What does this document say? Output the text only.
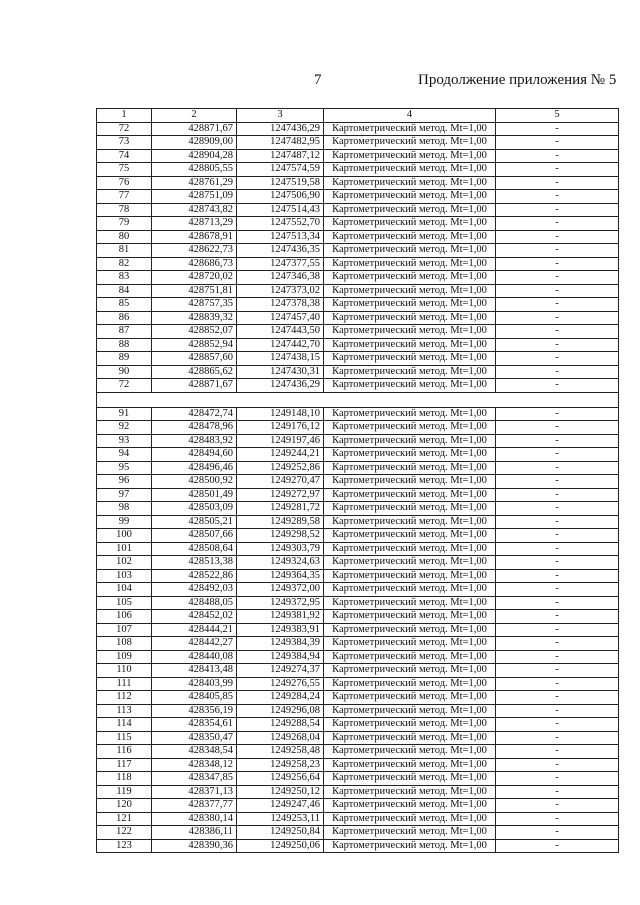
7	Продолжение приложения № 5
1	2	3	4	5
72	428871,67	1247436,29	Картометрический метод. Mt=1,00	-
73	428909,00	1247482,95	Картометрический метод. Mt=1,00	-
74	428904,28	1247487,12	Картометрический метод. Mt=1,00	-
75	428805,55	1247574,59	Картометрический метод. Mt=1,00	-
76	428761,29	1247519,58	Картометрический метод. Mt=1,00	-
77	428751,09	1247506,90	Картометрический метод. Mt=1,00	-
78	428743,82	1247514,43	Картометрический метод. Mt=1,00	-
79	428713,29	1247552,70	Картометрический метод. Mt=1,00	-
80	428678,91	1247513,34	Картометрический метод. Mt=1,00	-
81	428622,73	1247436,35	Картометрический метод. Mt=1,00	-
82	428686,73	1247377,55	Картометрический метод. Mt=1,00	-
83	428720,02	1247346,38	Картометрический метод. Mt=1,00	-
84	428751,81	1247373,02	Картометрический метод. Mt=1,00	-
85	428757,35	1247378,38	Картометрический метод. Mt=1,00	-
86	428839,32	1247457,40	Картометрический метод. Mt=1,00	-
87	428852,07	1247443,50	Картометрический метод. Mt=1,00	-
88	428852,94	1247442,70	Картометрический метод. Mt=1,00	-
89	428857,60	1247438,15	Картометрический метод. Mt=1,00	-
90	428865,62	1247430,31	Картометрический метод. Mt=1,00	-
72	428871,67	1247436,29	Картометрический метод. Mt=1,00	-

91	428472,74	1249148,10	Картометрический метод. Mt=1,00	-
92	428478,96	1249176,12	Картометрический метод. Mt=1,00	-
93	428483,92	1249197,46	Картометрический метод. Mt=1,00	-
94	428494,60	1249244,21	Картометрический метод. Mt=1,00	-
95	428496,46	1249252,86	Картометрический метод. Mt=1,00	-
96	428500,92	1249270,47	Картометрический метод. Mt=1,00	-
97	428501,49	1249272,97	Картометрический метод. Mt=1,00	-
98	428503,09	1249281,72	Картометрический метод. Mt=1,00	-
99	428505,21	1249289,58	Картометрический метод. Mt=1,00	-
100	428507,66	1249298,52	Картометрический метод. Mt=1,00	-
101	428508,64	1249303,79	Картометрический метод. Mt=1,00	-
102	428513,38	1249324,63	Картометрический метод. Mt=1,00	-
103	428522,86	1249364,35	Картометрический метод. Mt=1,00	-
104	428492,03	1249372,00	Картометрический метод. Mt=1,00	-
105	428488,05	1249372,95	Картометрический метод. Mt=1,00	-
106	428452,02	1249381,92	Картометрический метод. Mt=1,00	-
107	428444,21	1249383,91	Картометрический метод. Mt=1,00	-
108	428442,27	1249384,39	Картометрический метод. Mt=1,00	-
109	428440,08	1249384,94	Картометрический метод. Mt=1,00	-
110	428413,48	1249274,37	Картометрический метод. Mt=1,00	-
111	428403,99	1249276,55	Картометрический метод. Mt=1,00	-
112	428405,85	1249284,24	Картометрический метод. Mt=1,00	-
113	428356,19	1249296,08	Картометрический метод. Mt=1,00	-
114	428354,61	1249288,54	Картометрический метод. Mt=1,00	-
115	428350,47	1249268,04	Картометрический метод. Mt=1,00	-
116	428348,54	1249258,48	Картометрический метод. Mt=1,00	-
117	428348,12	1249258,23	Картометрический метод. Mt=1,00	-
118	428347,85	1249256,64	Картометрический метод. Mt=1,00	-
119	428371,13	1249250,12	Картометрический метод. Mt=1,00	-
120	428377,77	1249247,46	Картометрический метод. Mt=1,00	-
121	428380,14	1249253,11	Картометрический метод. Mt=1,00	-
122	428386,11	1249250,84	Картометрический метод. Mt=1,00	-
123	428390,36	1249250,06	Картометрический метод. Mt=1,00	-
